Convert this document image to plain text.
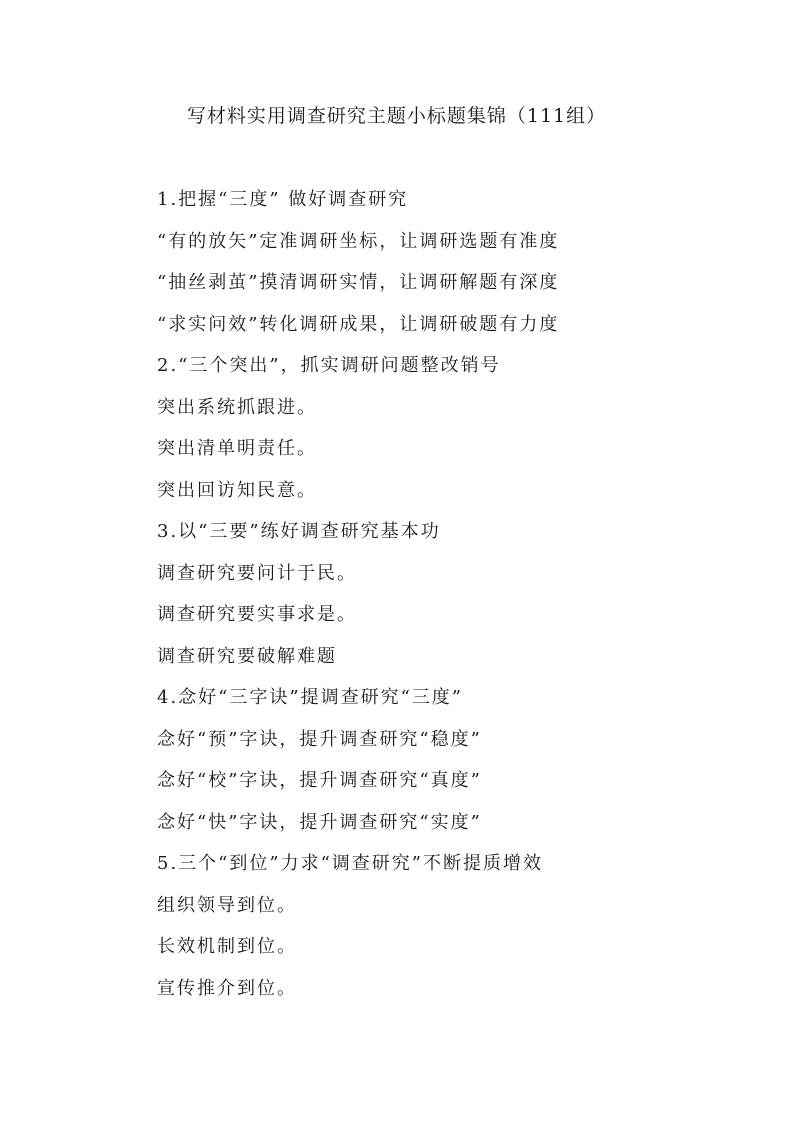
写材料实用调查研究主题小标题集锦（111组）
1.把握“三度” 做好调查研究
“有的放矢”定准调研坐标，让调研选题有准度
“抽丝剥茧”摸清调研实情，让调研解题有深度
“求实问效”转化调研成果，让调研破题有力度
2.“三个突出”，抓实调研问题整改销号
突出系统抓跟进。
突出清单明责任。
突出回访知民意。
3.以“三要”练好调查研究基本功
调查研究要问计于民。
调查研究要实事求是。
调查研究要破解难题
4.念好“三字诀”提调查研究“三度”
念好“预”字诀，提升调查研究“稳度”
念好“校”字诀，提升调查研究“真度”
念好“快”字诀，提升调查研究“实度”
5.三个“到位”力求“调查研究”不断提质增效
组织领导到位。
长效机制到位。
宣传推介到位。
